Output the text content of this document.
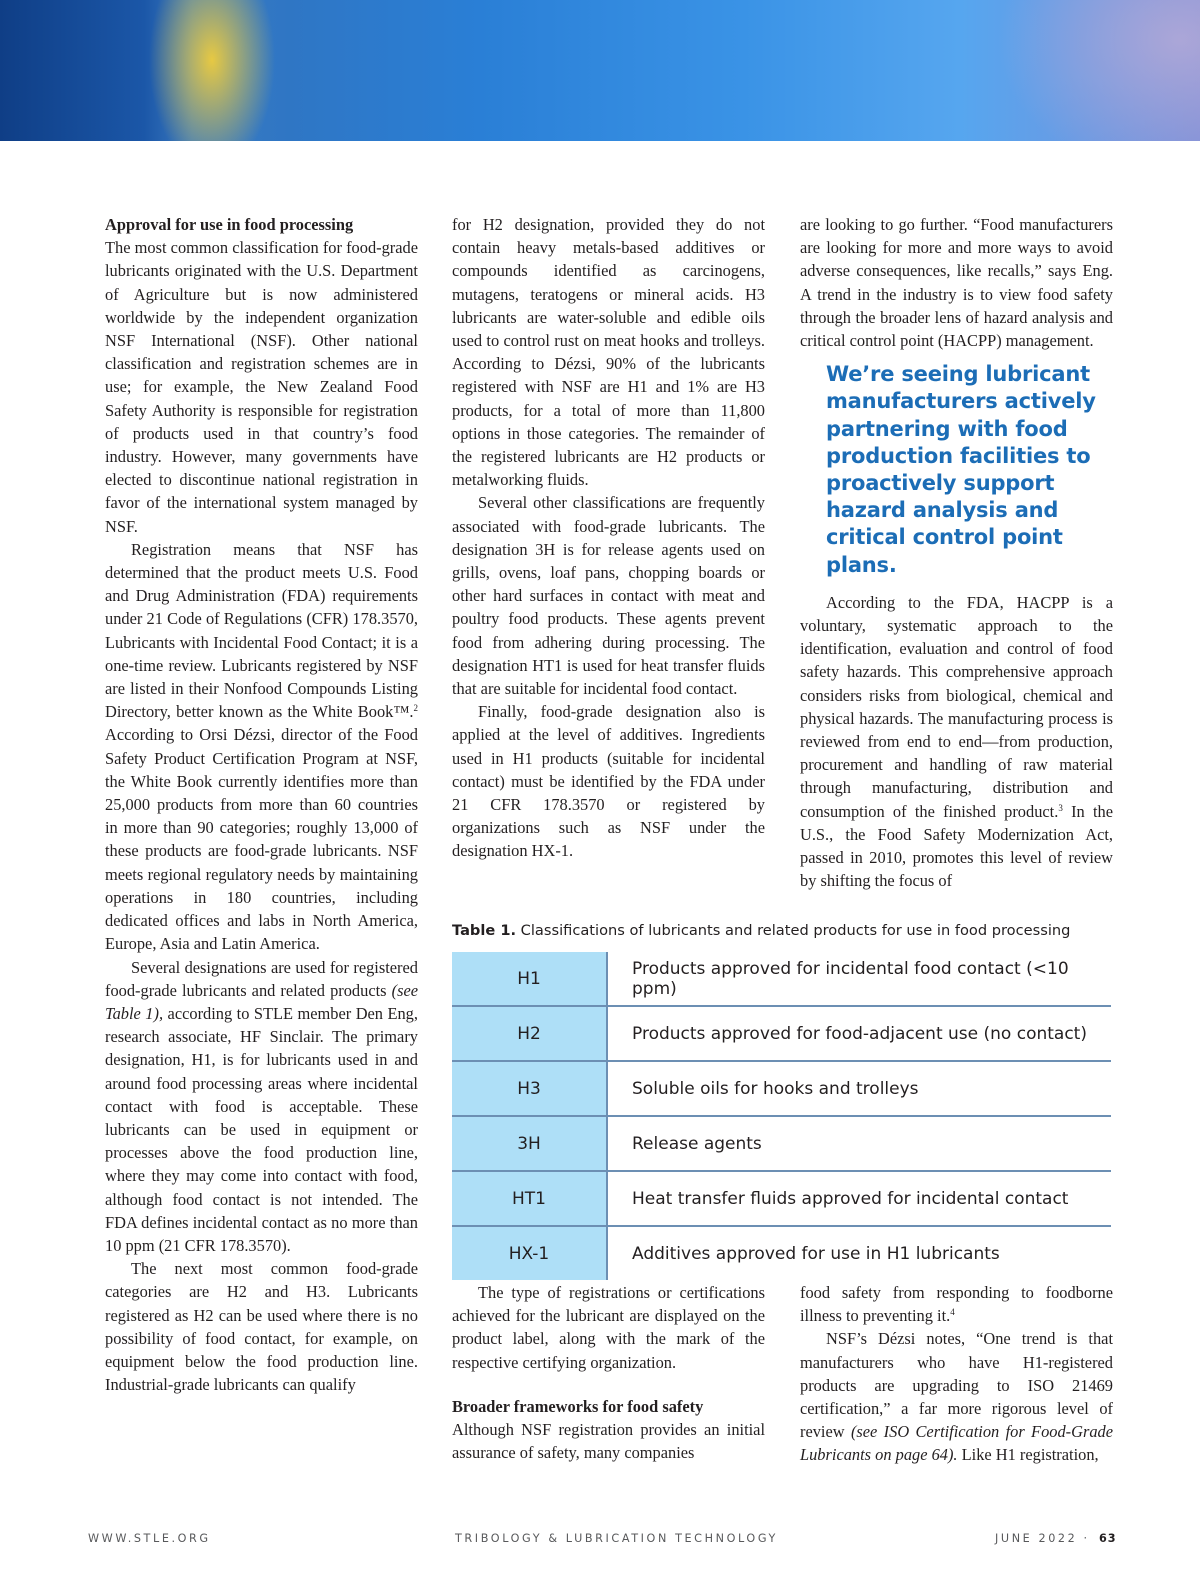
Approval for use in food processing

The most common classification for food-grade lubricants originated with the U.S. Department of Agriculture but is now administered worldwide by the independent organization NSF International (NSF). Other national classification and registration schemes are in use; for example, the New Zealand Food Safety Authority is responsible for registration of products used in that country’s food industry. However, many governments have elected to discontinue national registration in favor of the international system managed by NSF.

Registration means that NSF has determined that the product meets U.S. Food and Drug Administration (FDA) requirements under 21 Code of Regulations (CFR) 178.3570, Lubricants with Incidental Food Contact; it is a one-time review. Lubricants registered by NSF are listed in their Nonfood Compounds Listing Directory, better known as the White Book™.$^2$ According to Orsi Dézsi, director of the Food Safety Product Certification Program at NSF, the White Book currently identifies more than 25,000 products from more than 60 countries in more than 90 categories; roughly 13,000 of these products are food-grade lubricants. NSF meets regional regulatory needs by maintaining operations in 180 countries, including dedicated offices and labs in North America, Europe, Asia and Latin America.

Several designations are used for registered food-grade lubricants and related products (see Table 1), according to STLE member Den Eng, research associate, HF Sinclair. The primary designation, H1, is for lubricants used in and around food processing areas where incidental contact with food is acceptable. These lubricants can be used in equipment or processes above the food production line, where they may come into contact with food, although food contact is not intended. The FDA defines incidental contact as no more than 10 ppm (21 CFR 178.3570).

The next most common food-grade categories are H2 and H3. Lubricants registered as H2 can be used where there is no possibility of food contact, for example, on equipment below the food production line. Industrial-grade lubricants can qualify

for H2 designation, provided they do not contain heavy metals-based additives or compounds identified as carcinogens, mutagens, teratogens or mineral acids. H3 lubricants are water-soluble and edible oils used to control rust on meat hooks and trolleys. According to Dézsi, 90% of the lubricants registered with NSF are H1 and 1% are H3 products, for a total of more than 11,800 options in those categories. The remainder of the registered lubricants are H2 products or metalworking fluids.

Several other classifications are frequently associated with food-grade lubricants. The designation 3H is for release agents used on grills, ovens, loaf pans, chopping boards or other hard surfaces in contact with meat and poultry food products. These agents prevent food from adhering during processing. The designation HT1 is used for heat transfer fluids that are suitable for incidental food contact.

Finally, food-grade designation also is applied at the level of additives. Ingredients used in H1 products (suitable for incidental contact) must be identified by the FDA under 21 CFR 178.3570 or registered by organizations such as NSF under the designation HX-1.

are looking to go further. “Food manufacturers are looking for more and more ways to avoid adverse consequences, like recalls,” says Eng. A trend in the industry is to view food safety through the broader lens of hazard analysis and critical control point (HACPP) management.

We’re seeing lubricant manufacturers actively partnering with food production facilities to proactively support hazard analysis and critical control point plans.

According to the FDA, HACPP is a voluntary, systematic approach to the identification, evaluation and control of food safety hazards. This comprehensive approach considers risks from biological, chemical and physical hazards. The manufacturing process is reviewed from end to end—from production, procurement and handling of raw material through manufacturing, distribution and consumption of the finished product.$^3$ In the U.S., the Food Safety Modernization Act, passed in 2010, promotes this level of review by shifting the focus of

Table 1. Classifications of lubricants and related products for use in food processing
H1	Products approved for incidental food contact (<10 ppm)
H2	Products approved for food-adjacent use (no contact)
H3	Soluble oils for hooks and trolleys
3H	Release agents
HT1	Heat transfer fluids approved for incidental contact
HX-1	Additives approved for use in H1 lubricants

The type of registrations or certifications achieved for the lubricant are displayed on the product label, along with the mark of the respective certifying organization.

Broader frameworks for food safety

Although NSF registration provides an initial assurance of safety, many companies

food safety from responding to foodborne illness to preventing it.$^4$

NSF’s Dézsi notes, “One trend is that manufacturers who have H1-registered products are upgrading to ISO 21469 certification,” a far more rigorous level of review (see ISO Certification for Food-Grade Lubricants on page 64). Like H1 registration,

WWW.STLE.ORG	TRIBOLOGY & LUBRICATION TECHNOLOGY	JUNE 2022 · 63
